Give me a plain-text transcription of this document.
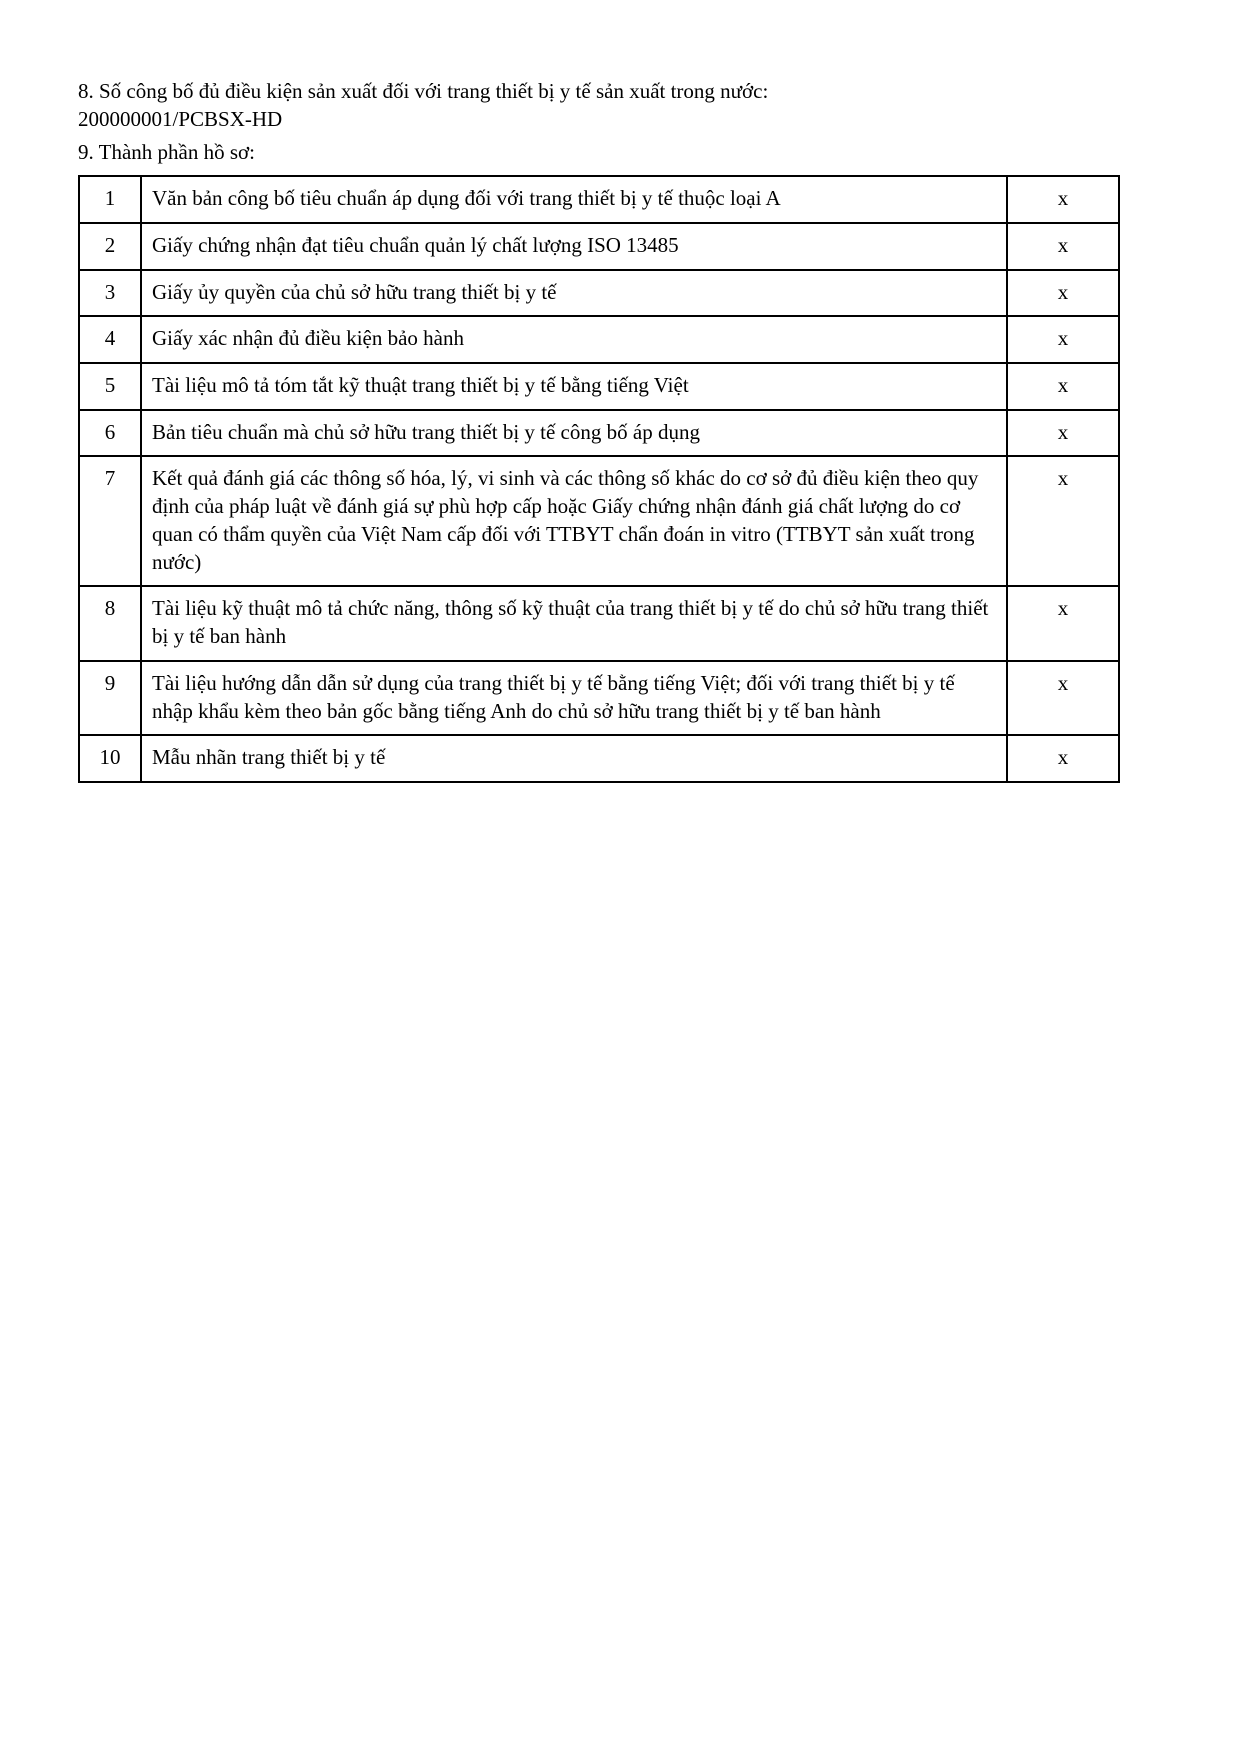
8. Số công bố đủ điều kiện sản xuất đối với trang thiết bị y tế sản xuất trong nước:
200000001/PCBSX-HD
9. Thành phần hồ sơ:
1	Văn bản công bố tiêu chuẩn áp dụng đối với trang thiết bị y tế thuộc loại A	x
2	Giấy chứng nhận đạt tiêu chuẩn quản lý chất lượng ISO 13485	x
3	Giấy ủy quyền của chủ sở hữu trang thiết bị y tế	x
4	Giấy xác nhận đủ điều kiện bảo hành	x
5	Tài liệu mô tả tóm tắt kỹ thuật trang thiết bị y tế bằng tiếng Việt	x
6	Bản tiêu chuẩn mà chủ sở hữu trang thiết bị y tế công bố áp dụng	x
7	Kết quả đánh giá các thông số hóa, lý, vi sinh và các thông số khác do cơ sở đủ điều kiện theo quy định của pháp luật về đánh giá sự phù hợp cấp hoặc Giấy chứng nhận đánh giá chất lượng do cơ quan có thẩm quyền của Việt Nam cấp đối với TTBYT chẩn đoán in vitro (TTBYT sản xuất trong nước)	x
8	Tài liệu kỹ thuật mô tả chức năng, thông số kỹ thuật của trang thiết bị y tế do chủ sở hữu trang thiết bị y tế ban hành	x
9	Tài liệu hướng dẫn dẫn sử dụng của trang thiết bị y tế bằng tiếng Việt; đối với trang thiết bị y tế nhập khẩu kèm theo bản gốc bằng tiếng Anh do chủ sở hữu trang thiết bị y tế ban hành	x
10	Mẫu nhãn trang thiết bị y tế	x
